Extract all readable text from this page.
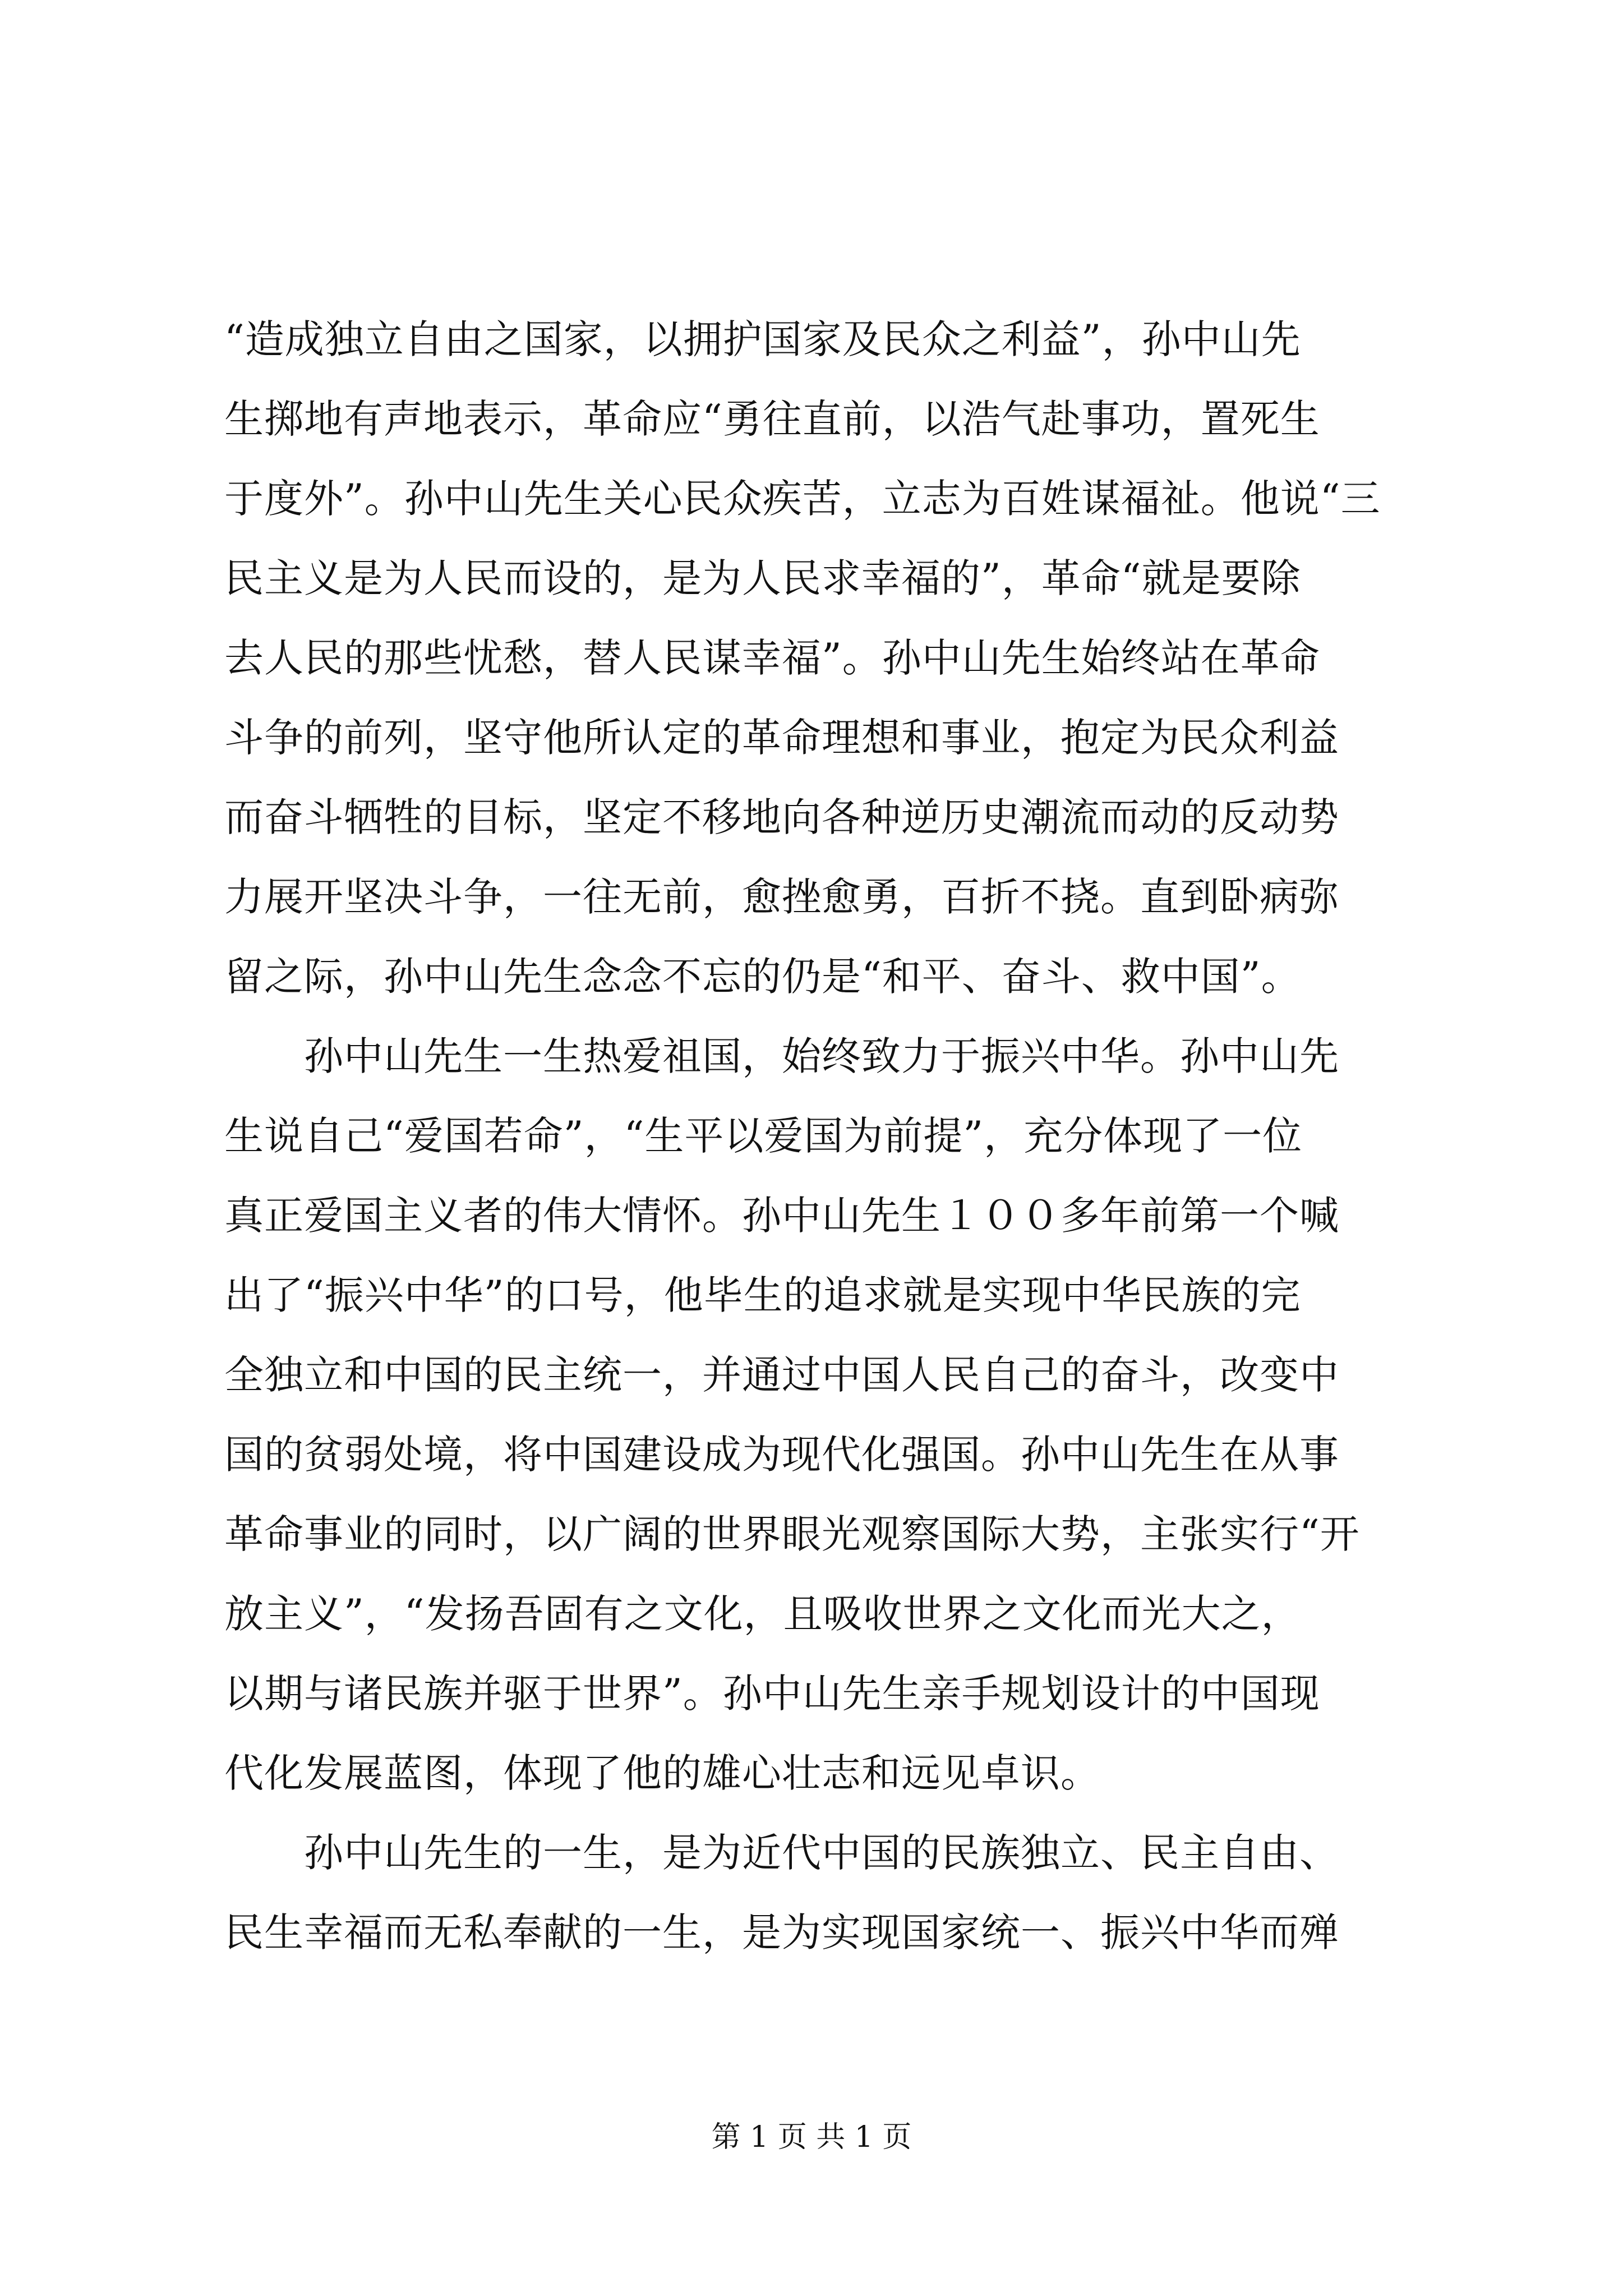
“造成独立自由之国家，以拥护国家及民众之利益”，孙中山先
生掷地有声地表示，革命应“勇往直前，以浩气赴事功，置死生
于度外”。孙中山先生关心民众疾苦，立志为百姓谋福祉。他说“三
民主义是为人民而设的，是为人民求幸福的”，革命“就是要除
去人民的那些忧愁，替人民谋幸福”。孙中山先生始终站在革命
斗争的前列，坚守他所认定的革命理想和事业，抱定为民众利益
而奋斗牺牲的目标，坚定不移地向各种逆历史潮流而动的反动势
力展开坚决斗争，一往无前，愈挫愈勇，百折不挠。直到卧病弥
留之际，孙中山先生念念不忘的仍是“和平、奋斗、救中国”。
　　孙中山先生一生热爱祖国，始终致力于振兴中华。孙中山先
生说自己“爱国若命”，“生平以爱国为前提”，充分体现了一位
真正爱国主义者的伟大情怀。孙中山先生１００多年前第一个喊
出了“振兴中华”的口号，他毕生的追求就是实现中华民族的完
全独立和中国的民主统一，并通过中国人民自己的奋斗，改变中
国的贫弱处境，将中国建设成为现代化强国。孙中山先生在从事
革命事业的同时，以广阔的世界眼光观察国际大势，主张实行“开
放主义”，“发扬吾固有之文化，且吸收世界之文化而光大之，
以期与诸民族并驱于世界”。孙中山先生亲手规划设计的中国现
代化发展蓝图，体现了他的雄心壮志和远见卓识。
　　孙中山先生的一生，是为近代中国的民族独立、民主自由、
民生幸福而无私奉献的一生，是为实现国家统一、振兴中华而殚
第 1 页 共 1 页
